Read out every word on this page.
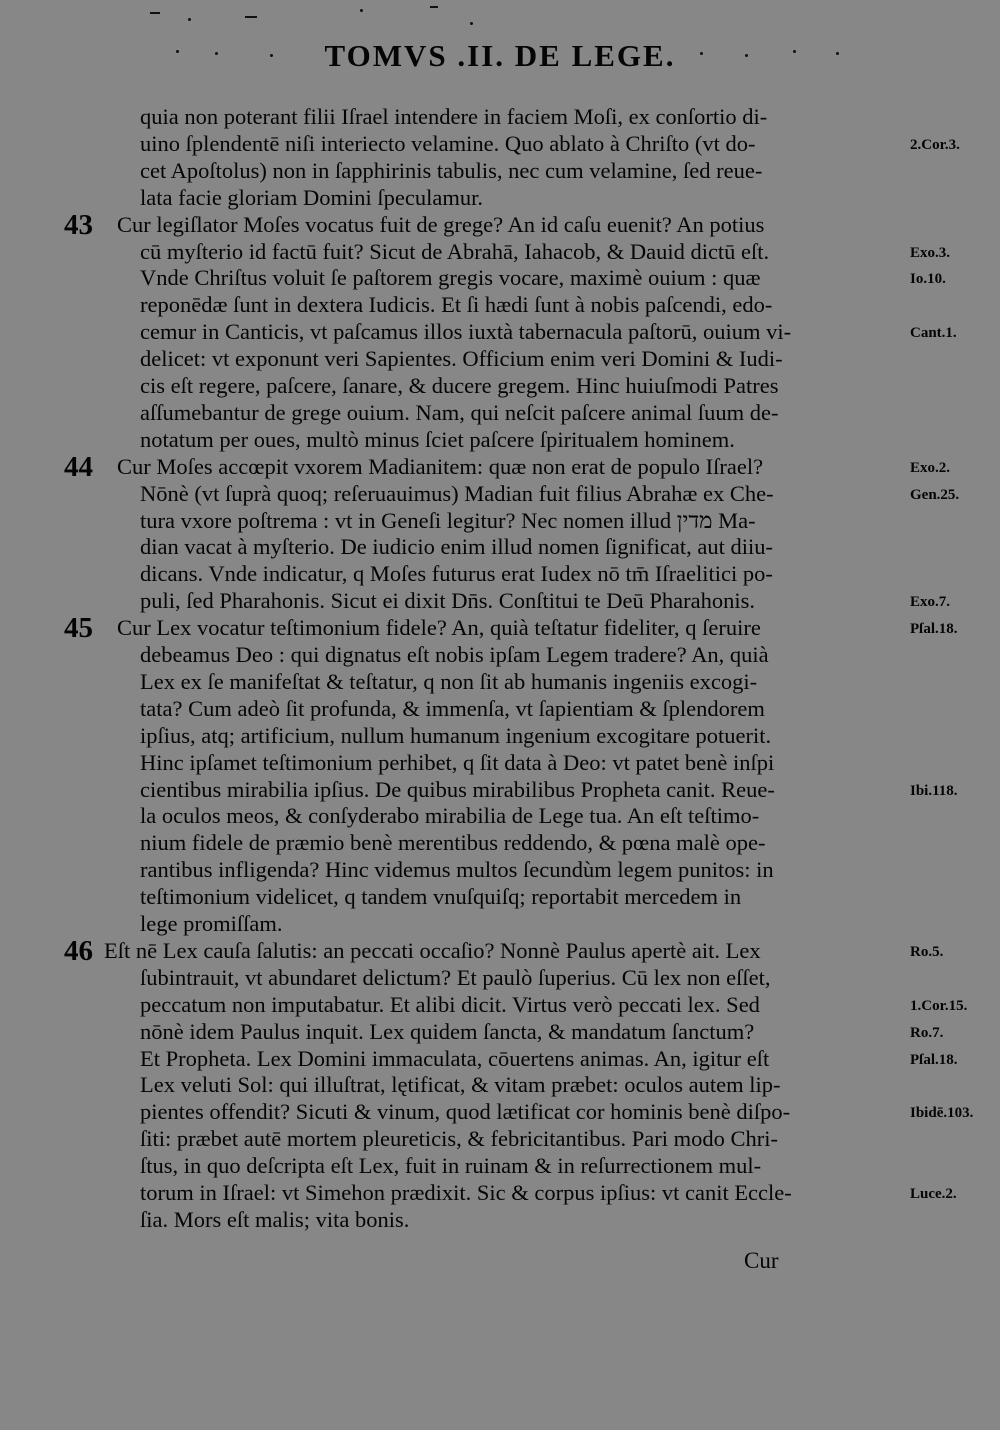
TOMVS .II. DE LEGE.
quia non poterant filii Iſrael intendere in faciem Moſi, ex conſortio di-
uino ſplendentē niſi interiecto velamine. Quo ablato à Chriſto (vt do-	2.Cor.3.
cet Apoſtolus) non in ſapphirinis tabulis, nec cum velamine, ſed reue-
lata facie gloriam Domini ſpeculamur.
43	Cur legiſlator Moſes vocatus fuit de grege? An id caſu euenit? An potius
cū myſterio id factū fuit? Sicut de Abrahā, Iahacob, & Dauid dictū eſt.	Exo.3.
Vnde Chriſtus voluit ſe paſtorem gregis vocare, maximè ouium : quæ	Io.10.
reponēdæ ſunt in dextera Iudicis. Et ſi hædi ſunt à nobis paſcendi, edo-
cemur in Canticis, vt paſcamus illos iuxtà tabernacula paſtorū, ouium vi-	Cant.1.
delicet: vt exponunt veri Sapientes. Officium enim veri Domini & Iudi-
cis eſt regere, paſcere, ſanare, & ducere gregem. Hinc huiuſmodi Patres
aſſumebantur de grege ouium. Nam, qui neſcit paſcere animal ſuum de-
notatum per oues, multò minus ſciet paſcere ſpiritualem hominem.
44	Cur Moſes accœpit vxorem Madianitem: quæ non erat de populo Iſrael?	Exo.2.
Nōnè (vt ſuprà quoq; reſeruauimus) Madian fuit filius Abrahæ ex Che-	Gen.25.
tura vxore poſtrema : vt in Geneſi legitur? Nec nomen illud מדין Ma-
dian vacat à myſterio. De iudicio enim illud nomen ſignificat, aut diiu-
dicans. Vnde indicatur, q Moſes futurus erat Iudex nō tm̄ Iſraelitici po-
puli, ſed Pharahonis. Sicut ei dixit Dn̄s. Conſtitui te Deū Pharahonis.	Exo.7.
45	Cur Lex vocatur teſtimonium fidele? An, quià teſtatur fideliter, q ſeruire	Pſal.18.
debeamus Deo : qui dignatus eſt nobis ipſam Legem tradere? An, quià
Lex ex ſe manifeſtat & teſtatur, q non ſit ab humanis ingeniis excogi-
tata? Cum adeò ſit profunda, & immenſa, vt ſapientiam & ſplendorem
ipſius, atq; artificium, nullum humanum ingenium excogitare potuerit.
Hinc ipſamet teſtimonium perhibet, q ſit data à Deo: vt patet benè inſpi
cientibus mirabilia ipſius. De quibus mirabilibus Propheta canit. Reue-	Ibi.118.
la oculos meos, & conſyderabo mirabilia de Lege tua. An eſt teſtimo-
nium fidele de præmio benè merentibus reddendo, & pœna malè ope-
rantibus infligenda? Hinc videmus multos ſecundùm legem punitos: in
teſtimonium videlicet, q tandem vnuſquiſq; reportabit mercedem in
lege promiſſam.
46 Eſt nē Lex cauſa ſalutis: an peccati occaſio? Nonnè Paulus apertè ait. Lex	Ro.5.
ſubintrauit, vt abundaret delictum? Et paulò ſuperius. Cū lex non eſſet,
peccatum non imputabatur. Et alibi dicit. Virtus verò peccati lex. Sed	1.Cor.15.
nōnè idem Paulus inquit. Lex quidem ſancta, & mandatum ſanctum?	Ro.7.
Et Propheta. Lex Domini immaculata, cōuertens animas. An, igitur eſt	Pſal.18.
Lex veluti Sol: qui illuſtrat, lętificat, & vitam præbet: oculos autem lip-
pientes offendit? Sicuti & vinum, quod lætificat cor hominis benè diſpo-	Ibidē.103.
ſiti: præbet autē mortem pleureticis, & febricitantibus. Pari modo Chri-
ſtus, in quo deſcripta eſt Lex, fuit in ruinam & in reſurrectionem mul-
torum in Iſrael: vt Simehon prædixit. Sic & corpus ipſius: vt canit Eccle-	Luce.2.
ſia. Mors eſt malis; vita bonis.
Cur
